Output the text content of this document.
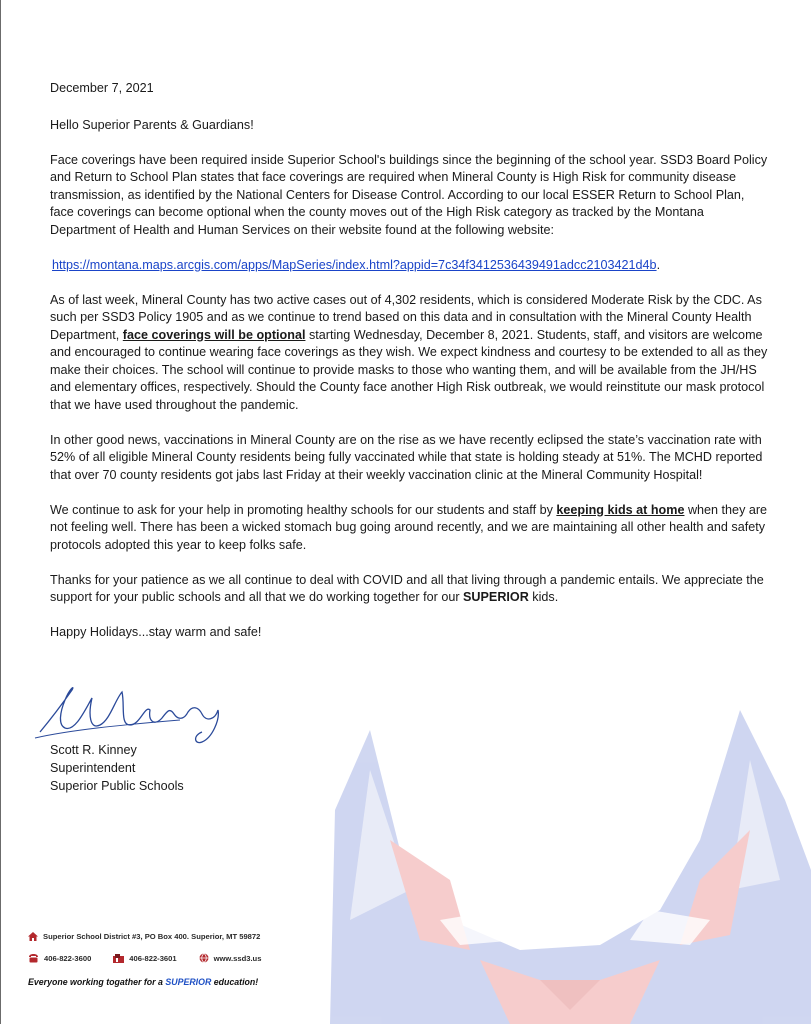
December 7, 2021

Hello Superior Parents & Guardians!

Face coverings have been required inside Superior School's buildings since the beginning of the school year. SSD3 Board Policy and Return to School Plan states that face coverings are required when Mineral County is High Risk for community disease transmission, as identified by the National Centers for Disease Control. According to our local ESSER Return to School Plan, face coverings can become optional when the county moves out of the High Risk category as tracked by the Montana Department of Health and Human Services on their website found at the following website:

https://montana.maps.arcgis.com/apps/MapSeries/index.html?appid=7c34f3412536439491adcc2103421d4b.

As of last week, Mineral County has two active cases out of 4,302 residents, which is considered Moderate Risk by the CDC. As such per SSD3 Policy 1905 and as we continue to trend based on this data and in consultation with the Mineral County Health Department, face coverings will be optional starting Wednesday, December 8, 2021. Students, staff, and visitors are welcome and encouraged to continue wearing face coverings as they wish. We expect kindness and courtesy to be extended to all as they make their choices. The school will continue to provide masks to those who wanting them, and will be available from the JH/HS and elementary offices, respectively. Should the County face another High Risk outbreak, we would reinstitute our mask protocol that we have used throughout the pandemic.

In other good news, vaccinations in Mineral County are on the rise as we have recently eclipsed the state’s vaccination rate with 52% of all eligible Mineral County residents being fully vaccinated while that state is holding steady at 51%. The MCHD reported that over 70 county residents got jabs last Friday at their weekly vaccination clinic at the Mineral Community Hospital!

We continue to ask for your help in promoting healthy schools for our students and staff by keeping kids at home when they are not feeling well. There has been a wicked stomach bug going around recently, and we are maintaining all other health and safety protocols adopted this year to keep folks safe.

Thanks for your patience as we all continue to deal with COVID and all that living through a pandemic entails. We appreciate the support for your public schools and all that we do working together for our SUPERIOR kids.

Happy Holidays...stay warm and safe!

Scott R. Kinney
Superintendent
Superior Public Schools
Superior School District #3, PO Box 400. Superior, MT 59872
406-822-3600	406-822-3601	www.ssd3.us
Everyone working togather for a SUPERIOR education!
